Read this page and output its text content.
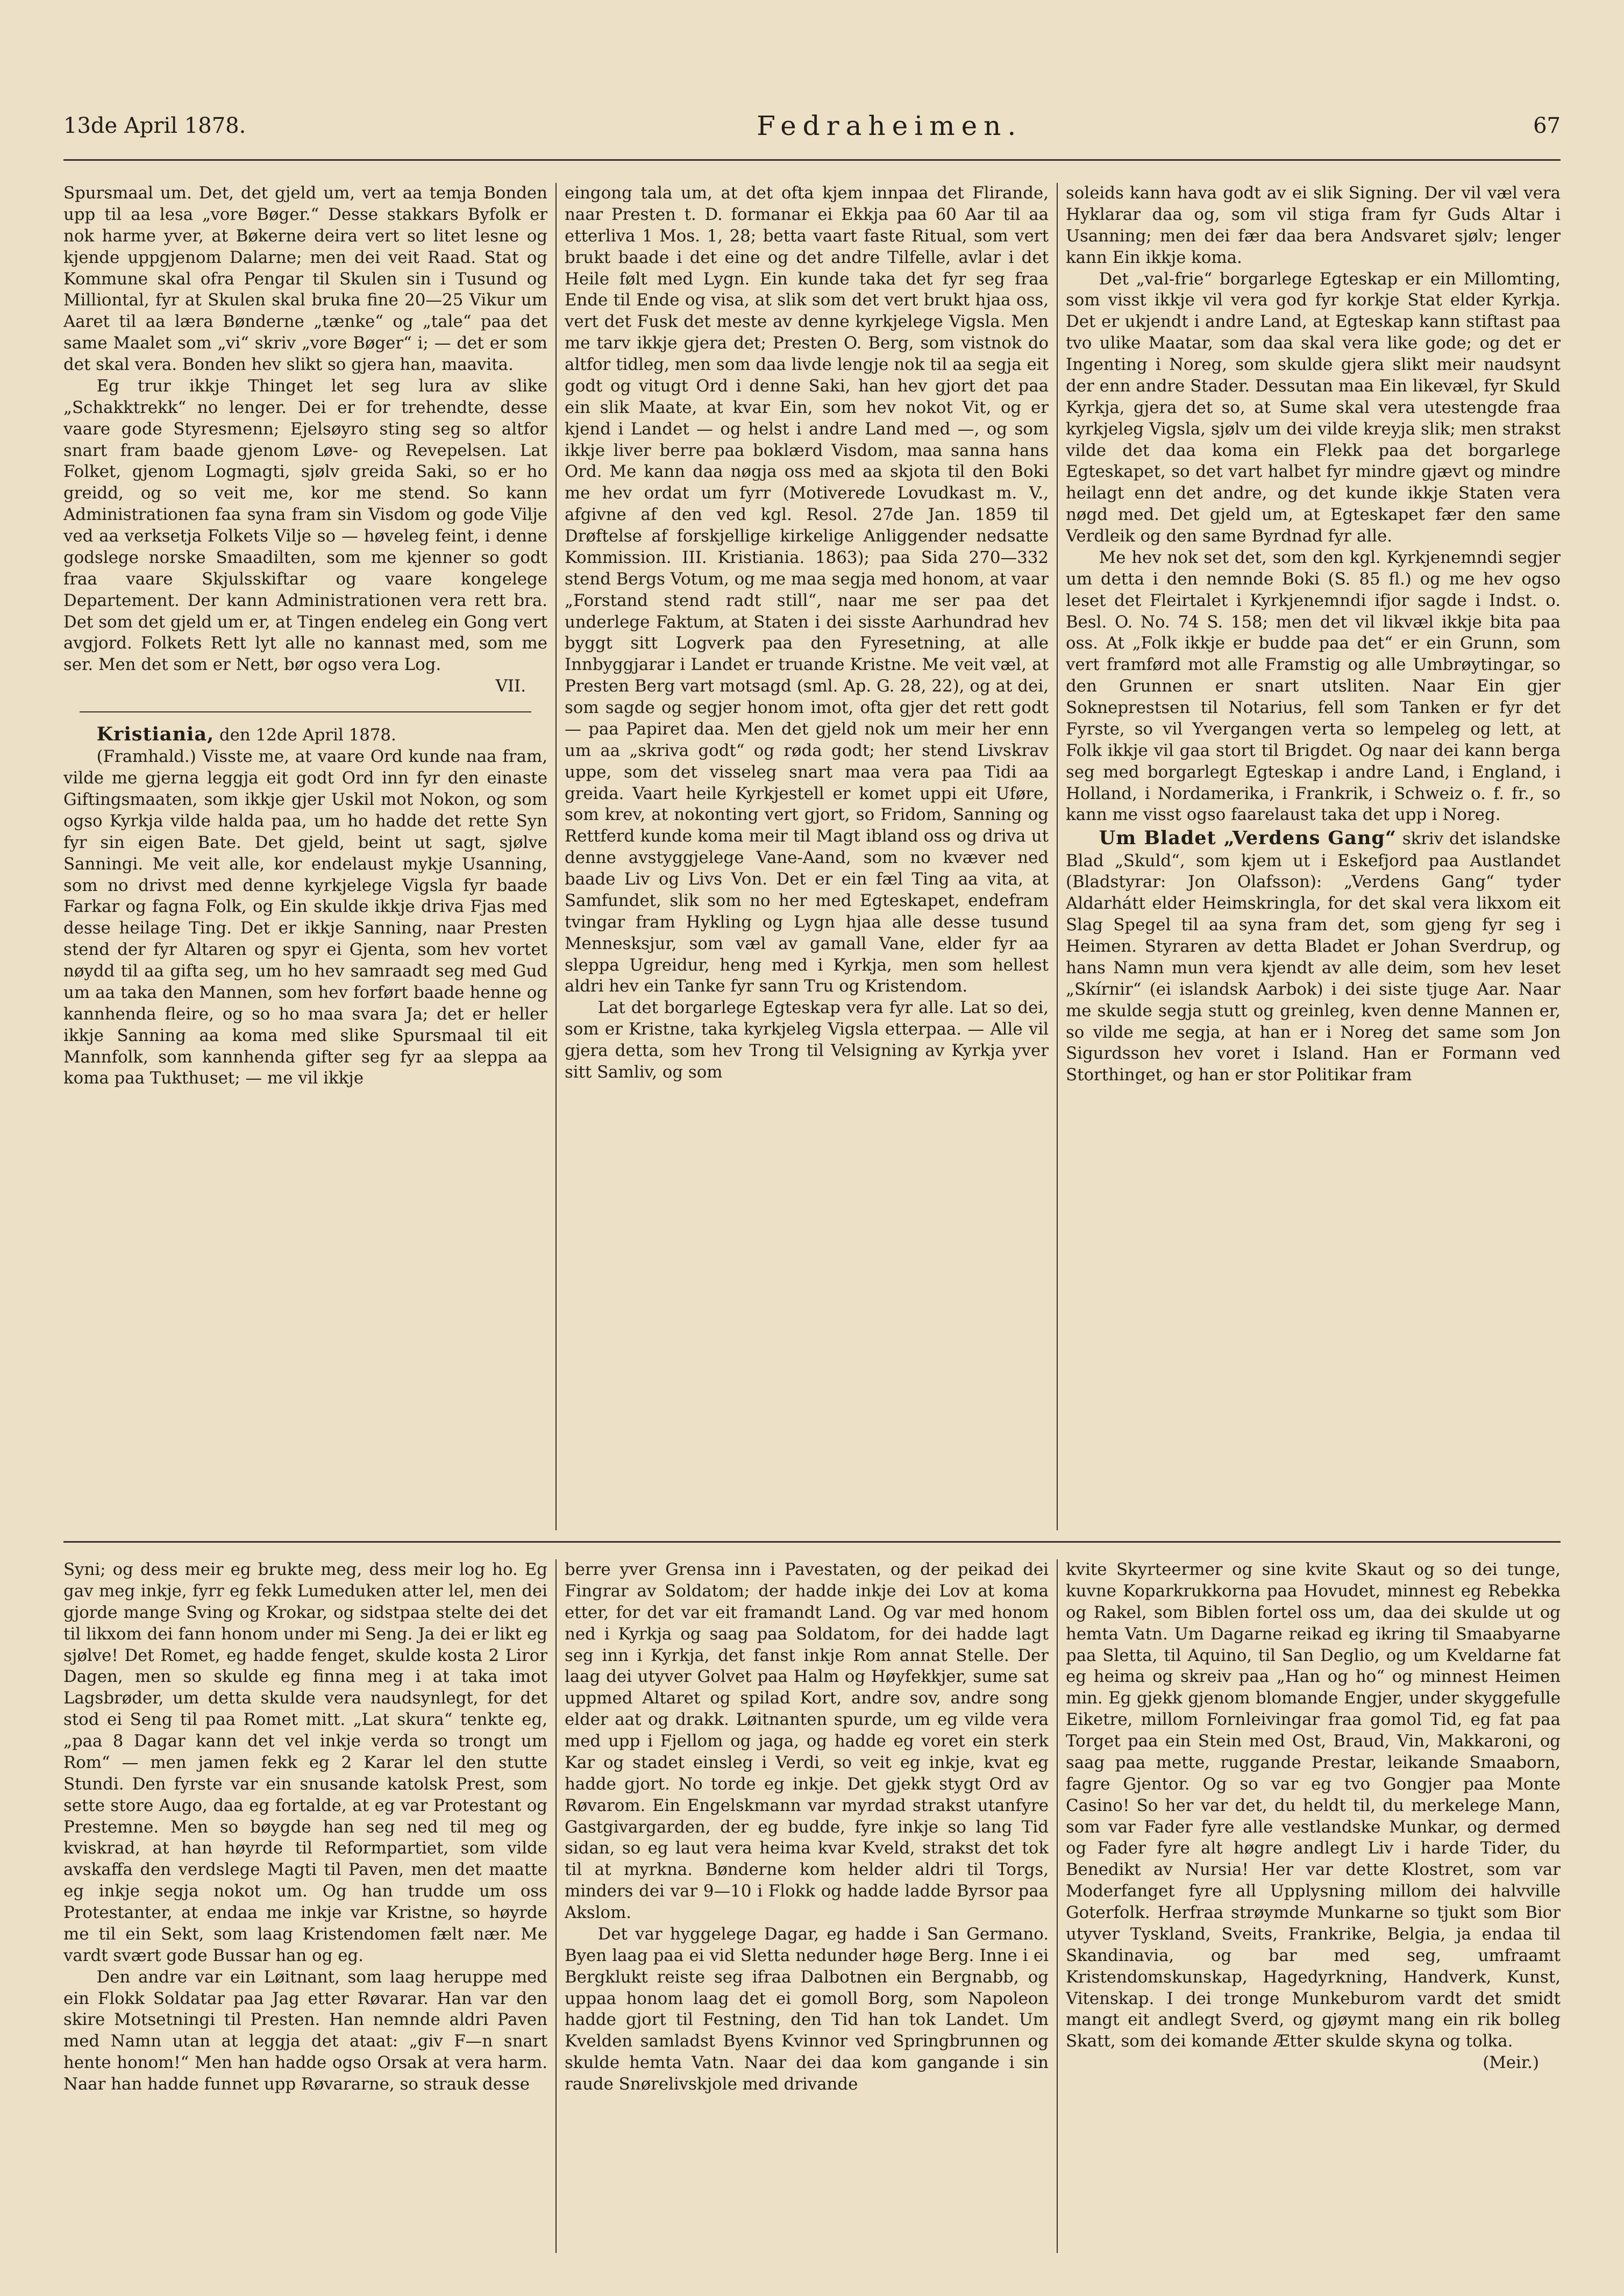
13de April 1878.	Fedraheimen.	67

Spursmaal um. Det, det gjeld um, vert aa temja Bonden upp til aa lesa „vore Bøger.“ Desse stakkars Byfolk er nok harme yver, at Bøkerne deira vert so litet lesne og kjende uppgjenom Dalarne; men dei veit Raad. Stat og Kommune skal ofra Pengar til Skulen sin i Tusund og Milliontal, fyr at Skulen skal bruka fine 20—25 Vikur um Aaret til aa læra Bønderne „tænke“ og „tale“ paa det same Maalet som „vi“ skriv „vore Bøger“ i; — det er som det skal vera. Bonden hev slikt so gjera han, maavita.

Eg trur ikkje Thinget let seg lura av slike „Schakktrekk“ no lenger. Dei er for trehendte, desse vaare gode Styresmenn; Ejelsøyro sting seg so altfor snart fram baade gjenom Løve- og Revepelsen. Lat Folket, gjenom Logmagti, sjølv greida Saki, so er ho greidd, og so veit me, kor me stend. So kann Administrationen faa syna fram sin Visdom og gode Vilje ved aa verksetja Folkets Vilje so — høveleg feint, i denne godslege norske Smaadilten, som me kjenner so godt fraa vaare Skjulsskiftar og vaare kongelege Departement. Der kann Administrationen vera rett bra. Det som det gjeld um er, at Tingen endeleg ein Gong vert avgjord. Folkets Rett lyt alle no kannast med, som me ser. Men det som er Nett, bør ogso vera Log.

VII.

Kristiania, den 12de April 1878.

(Framhald.) Visste me, at vaare Ord kunde naa fram, vilde me gjerna leggja eit godt Ord inn fyr den einaste Giftingsmaaten, som ikkje gjer Uskil mot Nokon, og som ogso Kyrkja vilde halda paa, um ho hadde det rette Syn fyr sin eigen Bate. Det gjeld, beint ut sagt, sjølve Sanningi. Me veit alle, kor endelaust mykje Usanning, som no drivst med denne kyrkjelege Vigsla fyr baade Farkar og fagna Folk, og Ein skulde ikkje driva Fjas med desse heilage Ting. Det er ikkje Sanning, naar Presten stend der fyr Altaren og spyr ei Gjenta, som hev vortet nøydd til aa gifta seg, um ho hev samraadt seg med Gud um aa taka den Mannen, som hev forført baade henne og kannhenda fleire, og so ho maa svara Ja; det er heller ikkje Sanning aa koma med slike Spursmaal til eit Mannfolk, som kannhenda gifter seg fyr aa sleppa aa koma paa Tukthuset; — me vil ikkje

eingong tala um, at det ofta kjem innpaa det Flirande, naar Presten t. D. formanar ei Ekkja paa 60 Aar til aa etterliva 1 Mos. 1, 28; betta vaart faste Ritual, som vert brukt baade i det eine og det andre Tilfelle, avlar i det Heile følt med Lygn. Ein kunde taka det fyr seg fraa Ende til Ende og visa, at slik som det vert brukt hjaa oss, vert det Fusk det meste av denne kyrkjelege Vigsla. Men me tarv ikkje gjera det; Presten O. Berg, som vistnok do altfor tidleg, men som daa livde lengje nok til aa segja eit godt og vitugt Ord i denne Saki, han hev gjort det paa ein slik Maate, at kvar Ein, som hev nokot Vit, og er kjend i Landet — og helst i andre Land med —, og som ikkje liver berre paa boklærd Visdom, maa sanna hans Ord. Me kann daa nøgja oss med aa skjota til den Boki me hev ordat um fyrr (Motiverede Lovudkast m. V., afgivne af den ved kgl. Resol. 27de Jan. 1859 til Drøftelse af forskjellige kirkelige Anliggender nedsatte Kommission. III. Kristiania. 1863); paa Sida 270—332 stend Bergs Votum, og me maa segja med honom, at vaar „Forstand stend radt still“, naar me ser paa det underlege Faktum, at Staten i dei sisste Aarhundrad hev byggt sitt Logverk paa den Fyresetning, at alle Innbyggjarar i Landet er truande Kristne. Me veit væl, at Presten Berg vart motsagd (sml. Ap. G. 28, 22), og at dei, som sagde og segjer honom imot, ofta gjer det rett godt — paa Papiret daa. Men det gjeld nok um meir her enn um aa „skriva godt“ og røda godt; her stend Livskrav uppe, som det visseleg snart maa vera paa Tidi aa greida. Vaart heile Kyrkjestell er komet uppi eit Uføre, som krev, at nokonting vert gjort, so Fridom, Sanning og Rettferd kunde koma meir til Magt ibland oss og driva ut denne avstyggjelege Vane-Aand, som no kvæver ned baade Liv og Livs Von. Det er ein fæl Ting aa vita, at Samfundet, slik som no her med Egteskapet, endefram tvingar fram Hykling og Lygn hjaa alle desse tusund Mennesksjur, som væl av gamall Vane, elder fyr aa sleppa Ugreidur, heng med i Kyrkja, men som hellest aldri hev ein Tanke fyr sann Tru og Kristendom.

Lat det borgarlege Egteskap vera fyr alle. Lat so dei, som er Kristne, taka kyrkjeleg Vigsla etterpaa. — Alle vil gjera detta, som hev Trong til Velsigning av Kyrkja yver sitt Samliv, og som

soleids kann hava godt av ei slik Signing. Der vil væl vera Hyklarar daa og, som vil stiga fram fyr Guds Altar i Usanning; men dei fær daa bera Andsvaret sjølv; lenger kann Ein ikkje koma.

Det „val-frie“ borgarlege Egteskap er ein Millomting, som visst ikkje vil vera god fyr korkje Stat elder Kyrkja. Det er ukjendt i andre Land, at Egteskap kann stiftast paa tvo ulike Maatar, som daa skal vera like gode; og det er Ingenting i Noreg, som skulde gjera slikt meir naudsynt der enn andre Stader. Dessutan maa Ein likevæl, fyr Skuld Kyrkja, gjera det so, at Sume skal vera utestengde fraa kyrkjeleg Vigsla, sjølv um dei vilde kreyja slik; men strakst vilde det daa koma ein Flekk paa det borgarlege Egteskapet, so det vart halbet fyr mindre gjævt og mindre heilagt enn det andre, og det kunde ikkje Staten vera nøgd med. Det gjeld um, at Egteskapet fær den same Verdleik og den same Byrdnad fyr alle.

Me hev nok set det, som den kgl. Kyrkjenemndi segjer um detta i den nemnde Boki (S. 85 fl.) og me hev ogso leset det Fleirtalet i Kyrkjenemndi ifjor sagde i Indst. o. Besl. O. No. 74 S. 158; men det vil likvæl ikkje bita paa oss. At „Folk ikkje er budde paa det“ er ein Grunn, som vert framførd mot alle Framstig og alle Umbrøytingar, so den Grunnen er snart utsliten. Naar Ein gjer Sokneprestsen til Notarius, fell som Tanken er fyr det Fyrste, so vil Yvergangen verta so lempeleg og lett, at Folk ikkje vil gaa stort til Brigdet. Og naar dei kann berga seg med borgarlegt Egteskap i andre Land, i England, i Holland, i Nordamerika, i Frankrik, i Schweiz o. f. fr., so kann me visst ogso faarelaust taka det upp i Noreg.

Um Bladet „Verdens Gang“ skriv det islandske Blad „Skuld“, som kjem ut i Eskefjord paa Austlandet (Bladstyrar: Jon Olafsson): „Verdens Gang“ tyder Aldarhátt elder Heimskringla, for det skal vera likxom eit Slag Spegel til aa syna fram det, som gjeng fyr seg i Heimen. Styraren av detta Bladet er Johan Sverdrup, og hans Namn mun vera kjendt av alle deim, som hev leset „Skírnir“ (ei islandsk Aarbok) i dei siste tjuge Aar. Naar me skulde segja stutt og greinleg, kven denne Mannen er, so vilde me segja, at han er i Noreg det same som Jon Sigurdsson hev voret i Island. Han er Formann ved Storthinget, og han er stor Politikar fram

Syni; og dess meir eg brukte meg, dess meir log ho. Eg gav meg inkje, fyrr eg fekk Lumeduken atter lel, men dei gjorde mange Sving og Krokar, og sidstpaa stelte dei det til likxom dei fann honom under mi Seng. Ja dei er likt eg sjølve! Det Romet, eg hadde fenget, skulde kosta 2 Liror Dagen, men so skulde eg finna meg i at taka imot Lagsbrøder, um detta skulde vera naudsynlegt, for det stod ei Seng til paa Romet mitt. „Lat skura“ tenkte eg, „paa 8 Dagar kann det vel inkje verda so trongt um Rom“ — men jamen fekk eg 2 Karar lel den stutte Stundi. Den fyrste var ein snusande katolsk Prest, som sette store Augo, daa eg fortalde, at eg var Protestant og Prestemne. Men so bøygde han seg ned til meg og kviskrad, at han høyrde til Reformpartiet, som vilde avskaffa den verdslege Magti til Paven, men det maatte eg inkje segja nokot um. Og han trudde um oss Protestanter, at endaa me inkje var Kristne, so høyrde me til ein Sekt, som laag Kristendomen fælt nær. Me vardt svært gode Bussar han og eg.

Den andre var ein Løitnant, som laag heruppe med ein Flokk Soldatar paa Jag etter Røvarar. Han var den skire Motsetningi til Presten. Han nemnde aldri Paven med Namn utan at leggja det ataat: „giv F—n snart hente honom!“ Men han hadde ogso Orsak at vera harm. Naar han hadde funnet upp Røvararne, so strauk desse

berre yver Grensa inn i Pavestaten, og der peikad dei Fingrar av Soldatom; der hadde inkje dei Lov at koma etter, for det var eit framandt Land. Og var med honom ned i Kyrkja og saag paa Soldatom, for dei hadde lagt seg inn i Kyrkja, det fanst inkje Rom annat Stelle. Der laag dei utyver Golvet paa Halm og Høyfekkjer, sume sat uppmed Altaret og spilad Kort, andre sov, andre song elder aat og drakk. Løitnanten spurde, um eg vilde vera med upp i Fjellom og jaga, og hadde eg voret ein sterk Kar og stadet einsleg i Verdi, so veit eg inkje, kvat eg hadde gjort. No torde eg inkje. Det gjekk stygt Ord av Røvarom. Ein Engelskmann var myrdad strakst utanfyre Gastgivargarden, der eg budde, fyre inkje so lang Tid sidan, so eg laut vera heima kvar Kveld, strakst det tok til at myrkna. Bønderne kom helder aldri til Torgs, minders dei var 9—10 i Flokk og hadde ladde Byrsor paa Akslom.

Det var hyggelege Dagar, eg hadde i San Germano. Byen laag paa ei vid Sletta nedunder høge Berg. Inne i ei Bergklukt reiste seg ifraa Dalbotnen ein Bergnabb, og uppaa honom laag det ei gomoll Borg, som Napoleon hadde gjort til Festning, den Tid han tok Landet. Um Kvelden samladst Byens Kvinnor ved Springbrunnen og skulde hemta Vatn. Naar dei daa kom gangande i sin raude Snørelivskjole med drivande

kvite Skyrteermer og sine kvite Skaut og so dei tunge, kuvne Koparkrukkorna paa Hovudet, minnest eg Rebekka og Rakel, som Biblen fortel oss um, daa dei skulde ut og hemta Vatn. Um Dagarne reikad eg ikring til Smaabyarne paa Sletta, til Aquino, til San Deglio, og um Kveldarne fat eg heima og skreiv paa „Han og ho“ og minnest Heimen min. Eg gjekk gjenom blomande Engjer, under skyggefulle Eiketre, millom Fornleivingar fraa gomol Tid, eg fat paa Torget paa ein Stein med Ost, Braud, Vin, Makkaroni, og saag paa mette, ruggande Prestar, leikande Smaaborn, fagre Gjentor. Og so var eg tvo Gongjer paa Monte Casino! So her var det, du heldt til, du merkelege Mann, som var Fader fyre alle vestlandske Munkar, og dermed og Fader fyre alt høgre andlegt Liv i harde Tider, du Benedikt av Nursia! Her var dette Klostret, som var Moderfanget fyre all Upplysning millom dei halvville Goterfolk. Herfraa strøymde Munkarne so tjukt som Bior utyver Tyskland, Sveits, Frankrike, Belgia, ja endaa til Skandinavia, og bar med seg, umfraamt Kristendomskunskap, Hagedyrkning, Handverk, Kunst, Vitenskap. I dei tronge Munkeburom vardt det smidt mangt eit andlegt Sverd, og gjøymt mang ein rik bolleg Skatt, som dei komande Ætter skulde skyna og tolka.

(Meir.)
